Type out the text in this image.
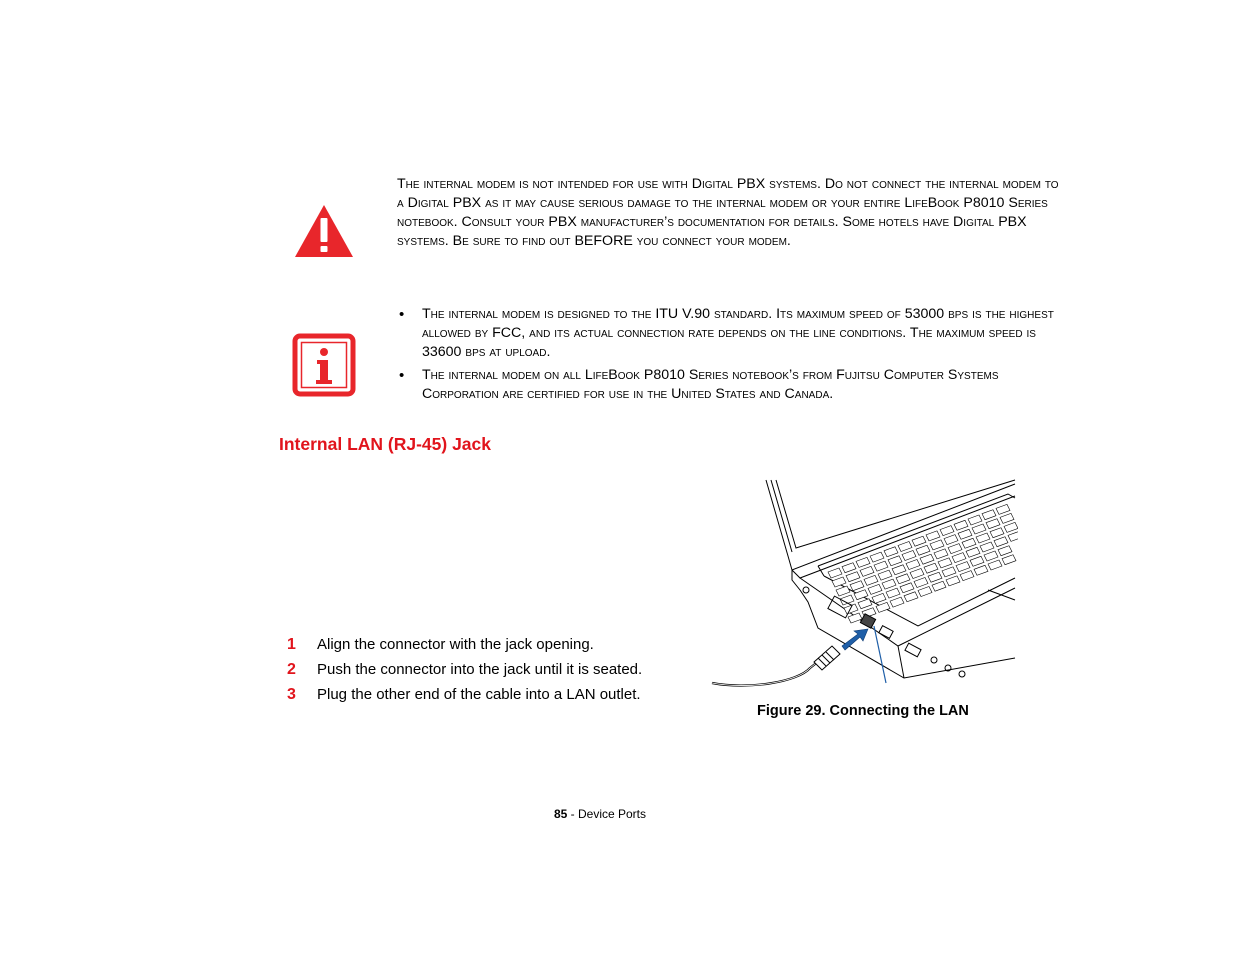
The internal modem is not intended for use with Digital PBX systems. Do not connect the internal modem to a Digital PBX as it may cause serious damage to the internal modem or your entire LifeBook P8010 Series notebook. Consult your PBX manufacturer’s documentation for details. Some hotels have Digital PBX systems. Be sure to find out BEFORE you connect your modem.
• The internal modem is designed to the ITU V.90 standard. Its maximum speed of 53000 bps is the highest allowed by FCC, and its actual connection rate depends on the line conditions. The maximum speed is 33600 bps at upload.
• The internal modem on all LifeBook P8010 Series notebook’s from Fujitsu Computer Systems Corporation are certified for use in the United States and Canada.
Internal LAN (RJ-45) Jack
1 Align the connector with the jack opening.
2 Push the connector into the jack until it is seated.
3 Plug the other end of the cable into a LAN outlet.
Figure 29. Connecting the LAN
85 - Device Ports
